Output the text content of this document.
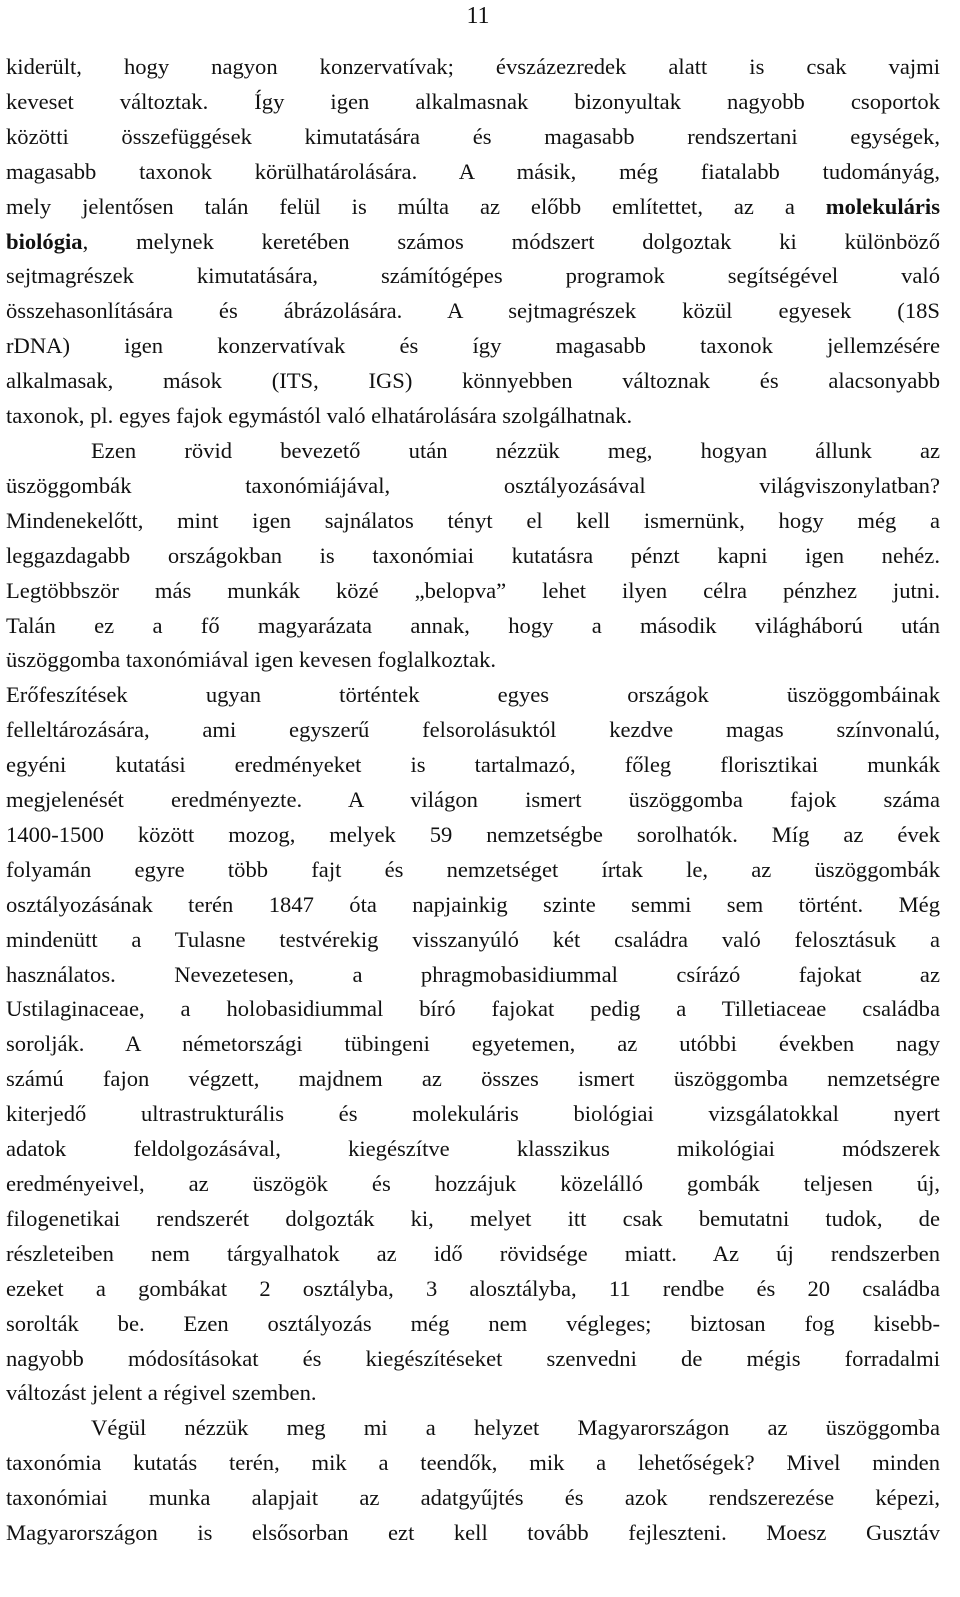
11
kiderült, hogy nagyon konzervatívak; évszázezredek alatt is csak vajmi
keveset változtak. Így igen alkalmasnak bizonyultak nagyobb csoportok
közötti összefüggések kimutatására és magasabb rendszertani egységek,
magasabb taxonok körülhatárolására. A másik, még fiatalabb tudományág,
mely jelentősen talán felül is múlta az előbb említettet, az a molekuláris
biológia, melynek keretében számos módszert dolgoztak ki különböző
sejtmagrészek kimutatására, számítógépes programok segítségével való
összehasonlítására és ábrázolására. A sejtmagrészek közül egyesek (18S
rDNA) igen konzervatívak és így magasabb taxonok jellemzésére
alkalmasak, mások (ITS, IGS) könnyebben változnak és alacsonyabb
taxonok, pl. egyes fajok egymástól való elhatárolására szolgálhatnak.
Ezen rövid bevezető után nézzük meg, hogyan állunk az
üszöggombák taxonómiájával, osztályozásával világviszonylatban?
Mindenekelőtt, mint igen sajnálatos tényt el kell ismernünk, hogy még a
leggazdagabb országokban is taxonómiai kutatásra pénzt kapni igen nehéz.
Legtöbbször más munkák közé „belopva” lehet ilyen célra pénzhez jutni.
Talán ez a fő magyarázata annak, hogy a második világháború után
üszöggomba taxonómiával igen kevesen foglalkoztak.
Erőfeszítések ugyan történtek egyes országok üszöggombáinak
felleltározására, ami egyszerű felsorolásuktól kezdve magas színvonalú,
egyéni kutatási eredményeket is tartalmazó, főleg florisztikai munkák
megjelenését eredményezte. A világon ismert üszöggomba fajok száma
1400-1500 között mozog, melyek 59 nemzetségbe sorolhatók. Míg az évek
folyamán egyre több fajt és nemzetséget írtak le, az üszöggombák
osztályozásának terén 1847 óta napjainkig szinte semmi sem történt. Még
mindenütt a Tulasne testvérekig visszanyúló két családra való felosztásuk a
használatos. Nevezetesen, a phragmobasidiummal csírázó fajokat az
Ustilaginaceae, a holobasidiummal bíró fajokat pedig a Tilletiaceae családba
sorolják. A németországi tübingeni egyetemen, az utóbbi években nagy
számú fajon végzett, majdnem az összes ismert üszöggomba nemzetségre
kiterjedő ultrastrukturális és molekuláris biológiai vizsgálatokkal nyert
adatok feldolgozásával, kiegészítve klasszikus mikológiai módszerek
eredményeivel, az üszögök és hozzájuk közelálló gombák teljesen új,
filogenetikai rendszerét dolgozták ki, melyet itt csak bemutatni tudok, de
részleteiben nem tárgyalhatok az idő rövidsége miatt. Az új rendszerben
ezeket a gombákat 2 osztályba, 3 alosztályba, 11 rendbe és 20 családba
sorolták be. Ezen osztályozás még nem végleges; biztosan fog kisebb-
nagyobb módosításokat és kiegészítéseket szenvedni de mégis forradalmi
változást jelent a régivel szemben.
Végül nézzük meg mi a helyzet Magyarországon az üszöggomba
taxonómia kutatás terén, mik a teendők, mik a lehetőségek? Mivel minden
taxonómiai munka alapjait az adatgyűjtés és azok rendszerezése képezi,
Magyarországon is elsősorban ezt kell tovább fejleszteni. Moesz Gusztáv
